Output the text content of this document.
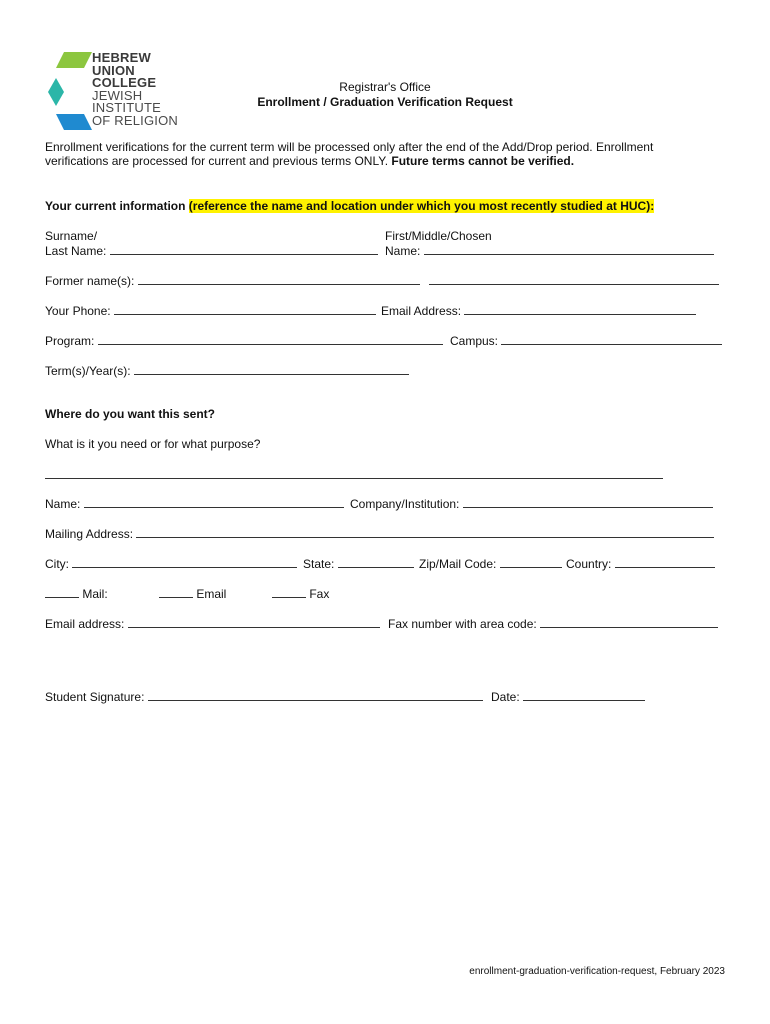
HEBREW
UNION
COLLEGE
JEWISH
INSTITUTE
OF RELIGION
Registrar's Office
Enrollment / Graduation Verification Request
Enrollment verifications for the current term will be processed only after the end of the Add/Drop period. Enrollment
verifications are processed for current and previous terms ONLY. Future terms cannot be verified.
Your current information (reference the name and location under which you most recently studied at HUC):
Surname/
Last Name:
First/Middle/Chosen
Name:
Former name(s):
Your Phone:	Email Address:
Program:	Campus:
Term(s)/Year(s):
Where do you want this sent?
What is it you need or for what purpose?
Name:	Company/Institution:
Mailing Address:
City:	State:	Zip/Mail Code:	Country:
Mail:	Email	Fax
Email address:	Fax number with area code:
Student Signature:	Date:
enrollment-graduation-verification-request, February 2023
